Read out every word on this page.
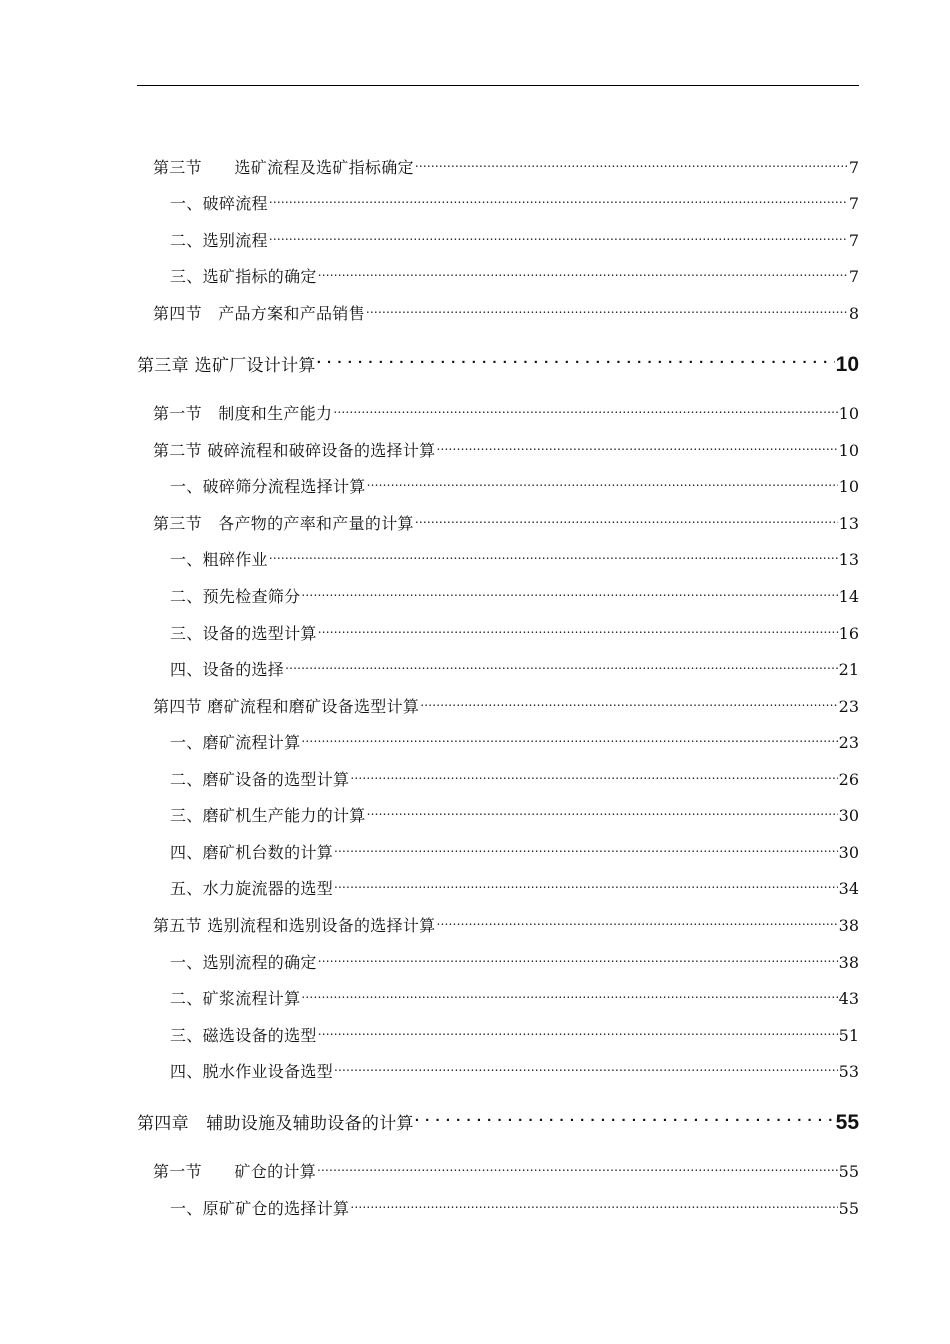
第三节　　选矿流程及选矿指标确定 .....	7
一、破碎流程 .....	7
二、选别流程 .....	7
三、选矿指标的确定 .....	7
第四节　产品方案和产品销售 .....	8
第三章 选矿厂设计计算 . . .	10
第一节　制度和生产能力 .....	10
第二节 破碎流程和破碎设备的选择计算 .....	10
一、破碎筛分流程选择计算 .....	10
第三节　各产物的产率和产量的计算 .....	13
一、粗碎作业 .....	13
二、预先检查筛分 .....	14
三、设备的选型计算 .....	16
四、设备的选择 .....	21
第四节 磨矿流程和磨矿设备选型计算 .....	23
一、磨矿流程计算 .....	23
二、磨矿设备的选型计算 .....	26
三、磨矿机生产能力的计算 .....	30
四、磨矿机台数的计算 .....	30
五、水力旋流器的选型 .....	34
第五节 选别流程和选别设备的选择计算 .....	38
一、选别流程的确定 .....	38
二、矿浆流程计算 .....	43
三、磁选设备的选型 .....	51
四、脱水作业设备选型 .....	53
第四章　辅助设施及辅助设备的计算 . . .	55
第一节　　矿仓的计算 .....	55
一、原矿矿仓的选择计算 .....	55
